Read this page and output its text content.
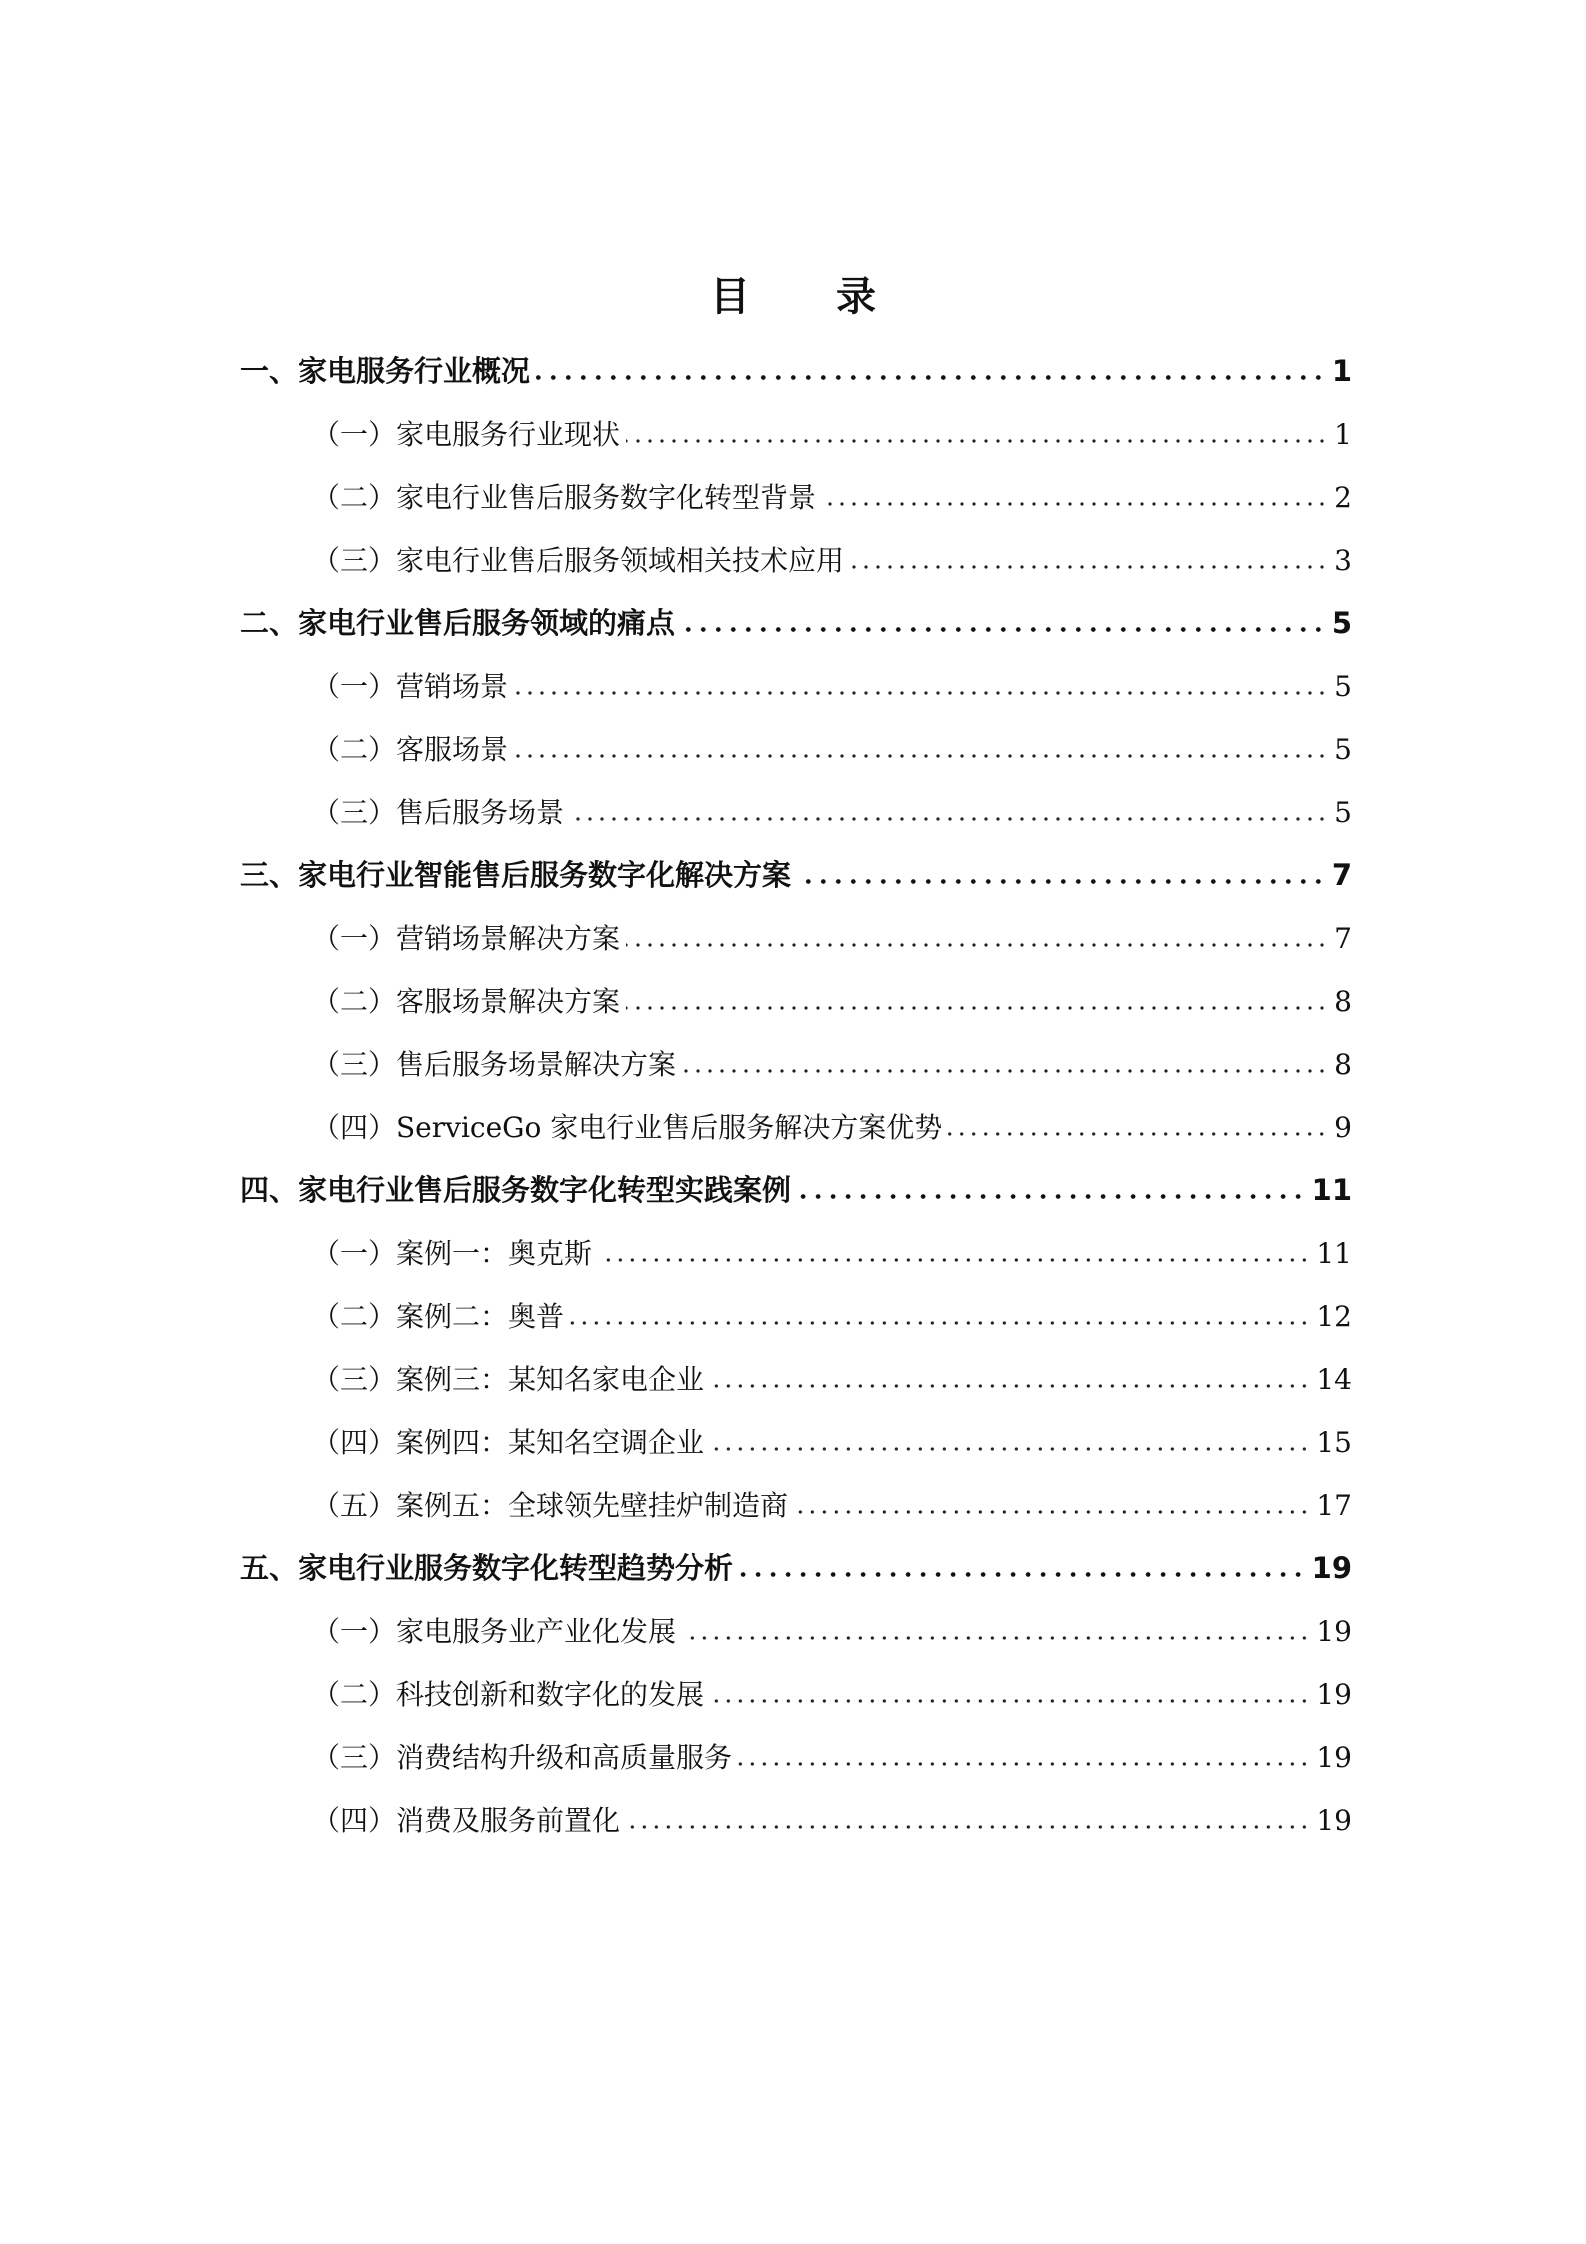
目 录
一、家电服务行业概况	1
（一）家电服务行业现状	1
（二）家电行业售后服务数字化转型背景	2
（三）家电行业售后服务领域相关技术应用	3
二、家电行业售后服务领域的痛点	5
（一）营销场景	5
（二）客服场景	5
（三）售后服务场景	5
三、家电行业智能售后服务数字化解决方案	7
（一）营销场景解决方案	7
（二）客服场景解决方案	8
（三）售后服务场景解决方案	8
（四）ServiceGo 家电行业售后服务解决方案优势	9
四、家电行业售后服务数字化转型实践案例	11
（一）案例一：奥克斯	11
（二）案例二：奥普	12
（三）案例三：某知名家电企业	14
（四）案例四：某知名空调企业	15
（五）案例五：全球领先壁挂炉制造商	17
五、家电行业服务数字化转型趋势分析	19
（一）家电服务业产业化发展	19
（二）科技创新和数字化的发展	19
（三）消费结构升级和高质量服务	19
（四）消费及服务前置化	19
